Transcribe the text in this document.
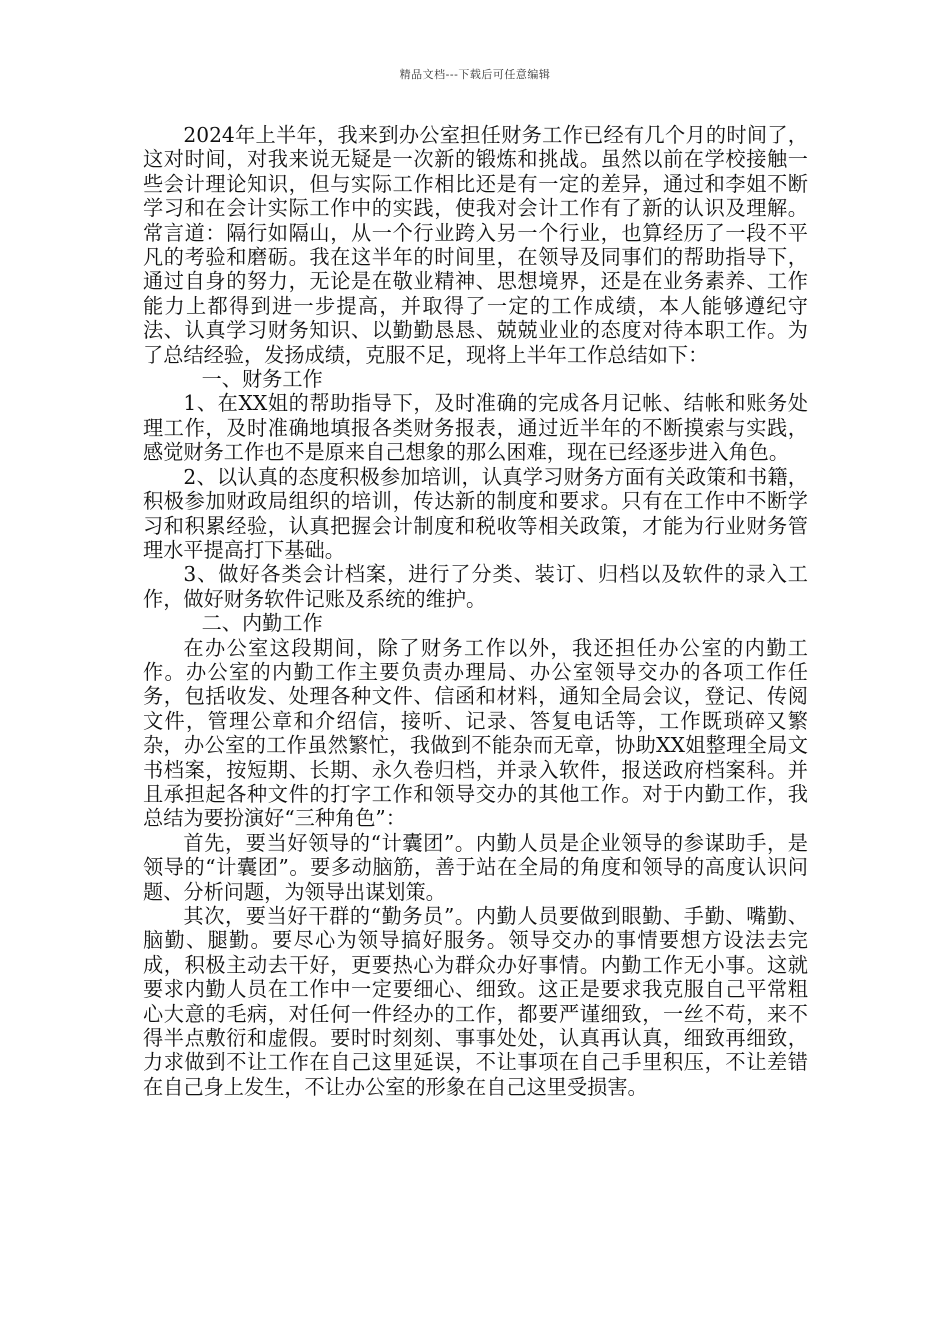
精品文档---下载后可任意编辑

2024年上半年，我来到办公室担任财务工作已经有几个月的时间了，这对时间，对我来说无疑是一次新的锻炼和挑战。虽然以前在学校接触一些会计理论知识，但与实际工作相比还是有一定的差异，通过和李姐不断学习和在会计实际工作中的实践，使我对会计工作有了新的认识及理解。常言道：隔行如隔山，从一个行业跨入另一个行业，也算经历了一段不平凡的考验和磨砺。我在这半年的时间里，在领导及同事们的帮助指导下，通过自身的努力，无论是在敬业精神、思想境界，还是在业务素养、工作能力上都得到进一步提高，并取得了一定的工作成绩，本人能够遵纪守法、认真学习财务知识、以勤勤恳恳、兢兢业业的态度对待本职工作。为了总结经验，发扬成绩，克服不足，现将上半年工作总结如下：

一、财务工作

1、在XX姐的帮助指导下，及时准确的完成各月记帐、结帐和账务处理工作，及时准确地填报各类财务报表，通过近半年的不断摸索与实践，感觉财务工作也不是原来自己想象的那么困难，现在已经逐步进入角色。

2、以认真的态度积极参加培训，认真学习财务方面有关政策和书籍，积极参加财政局组织的培训，传达新的制度和要求。只有在工作中不断学习和积累经验，认真把握会计制度和税收等相关政策，才能为行业财务管理水平提高打下基础。

3、做好各类会计档案，进行了分类、装订、归档以及软件的录入工作，做好财务软件记账及系统的维护。

二、内勤工作

在办公室这段期间，除了财务工作以外，我还担任办公室的内勤工作。办公室的内勤工作主要负责办理局、办公室领导交办的各项工作任务，包括收发、处理各种文件、信函和材料，通知全局会议，登记、传阅文件，管理公章和介绍信，接听、记录、答复电话等，工作既琐碎又繁杂，办公室的工作虽然繁忙，我做到不能杂而无章，协助XX姐整理全局文书档案，按短期、长期、永久卷归档，并录入软件，报送政府档案科。并且承担起各种文件的打字工作和领导交办的其他工作。对于内勤工作，我总结为要扮演好“三种角色”：

首先，要当好领导的“计囊团”。内勤人员是企业领导的参谋助手，是领导的“计囊团”。要多动脑筋，善于站在全局的角度和领导的高度认识问题、分析问题，为领导出谋划策。

其次，要当好干群的“勤务员”。内勤人员要做到眼勤、手勤、嘴勤、脑勤、腿勤。要尽心为领导搞好服务。领导交办的事情要想方设法去完成，积极主动去干好，更要热心为群众办好事情。内勤工作无小事。这就要求内勤人员在工作中一定要细心、细致。这正是要求我克服自己平常粗心大意的毛病，对任何一件经办的工作，都要严谨细致，一丝不苟，来不得半点敷衍和虚假。要时时刻刻、事事处处，认真再认真，细致再细致，力求做到不让工作在自己这里延误，不让事项在自己手里积压，不让差错在自己身上发生，不让办公室的形象在自己这里受损害。
